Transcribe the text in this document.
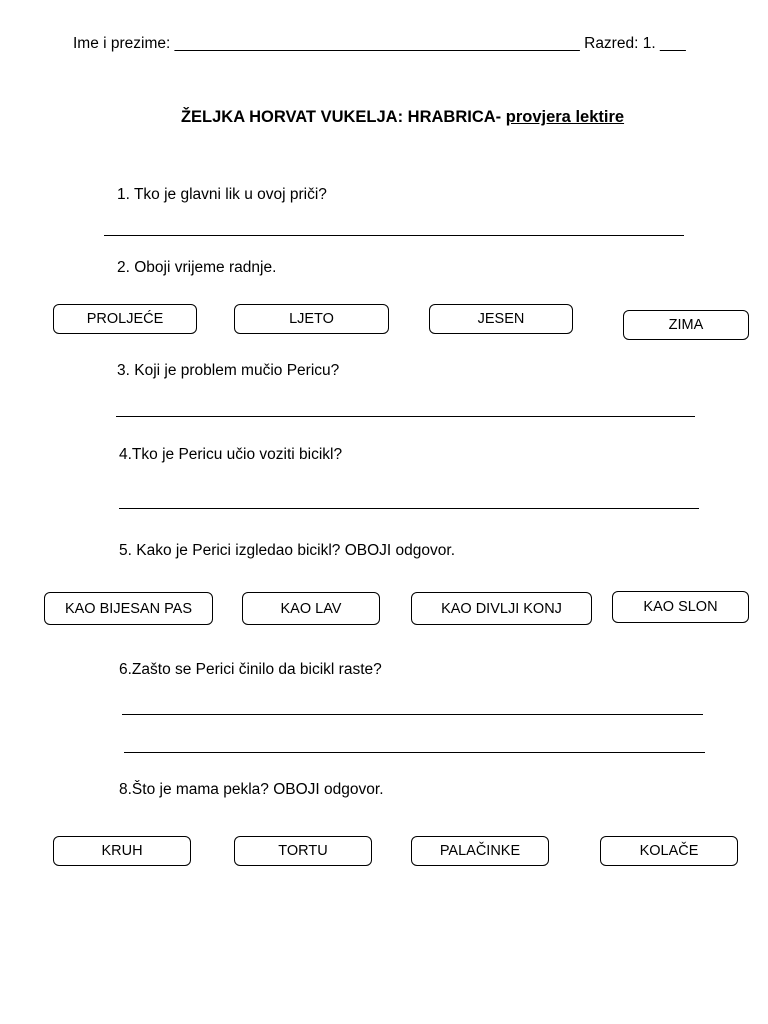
Ime i prezime: _______________________________________________ Razred: 1. ___
ŽELJKA HORVAT VUKELJA: HRABRICA- provjera lektire
1. Tko je glavni lik u ovoj priči?
2. Oboji vrijeme radnje.
PROLJEĆE	LJETO	JESEN	ZIMA
3. Koji je problem mučio Pericu?
4.Tko je Pericu učio voziti bicikl?
5. Kako je Perici izgledao bicikl? OBOJI odgovor.
KAO BIJESAN PAS	KAO LAV	KAO DIVLJI KONJ	KAO SLON
6.Zašto se Perici činilo da bicikl raste?
8.Što je mama pekla? OBOJI odgovor.
KRUH	TORTU	PALAČINKE	KOLAČE
